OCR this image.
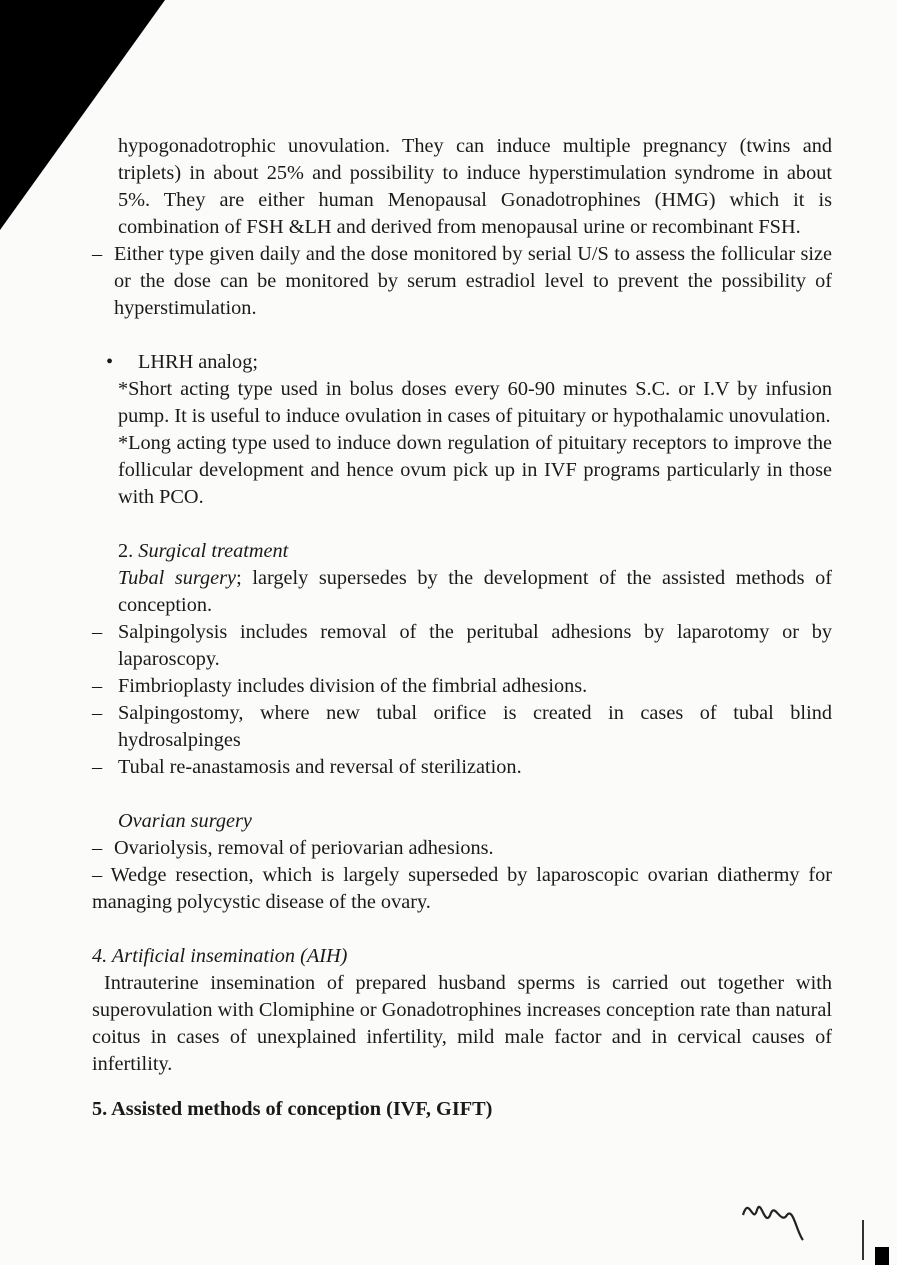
hypogonadotrophic unovulation. They can induce multiple pregnancy (twins and triplets) in about 25% and possibility to induce hyperstimulation syndrome in about 5%. They are either human Menopausal Gonadotrophines (HMG) which it is combination of FSH &LH and derived from menopausal urine or recombinant FSH.
– Either type given daily and the dose monitored by serial U/S to assess the follicular size or the dose can be monitored by serum estradiol level to prevent the possibility of hyperstimulation.
• LHRH analog;
*Short acting type used in bolus doses every 60-90 minutes S.C. or I.V by infusion pump. It is useful to induce ovulation in cases of pituitary or hypothalamic unovulation.
*Long acting type used to induce down regulation of pituitary receptors to improve the follicular development and hence ovum pick up in IVF programs particularly in those with PCO.
2. Surgical treatment
Tubal surgery; largely supersedes by the development of the assisted methods of conception.
– Salpingolysis includes removal of the peritubal adhesions by laparotomy or by laparoscopy.
– Fimbrioplasty includes division of the fimbrial adhesions.
– Salpingostomy, where new tubal orifice is created in cases of tubal blind hydrosalpinges
– Tubal re-anastamosis and reversal of sterilization.
Ovarian surgery
– Ovariolysis, removal of periovarian adhesions.
– Wedge resection, which is largely superseded by laparoscopic ovarian diathermy for managing polycystic disease of the ovary.
4. Artificial insemination (AIH)
Intrauterine insemination of prepared husband sperms is carried out together with superovulation with Clomiphine or Gonadotrophines increases conception rate than natural coitus in cases of unexplained infertility, mild male factor and in cervical causes of infertility.
5. Assisted methods of conception (IVF, GIFT)
